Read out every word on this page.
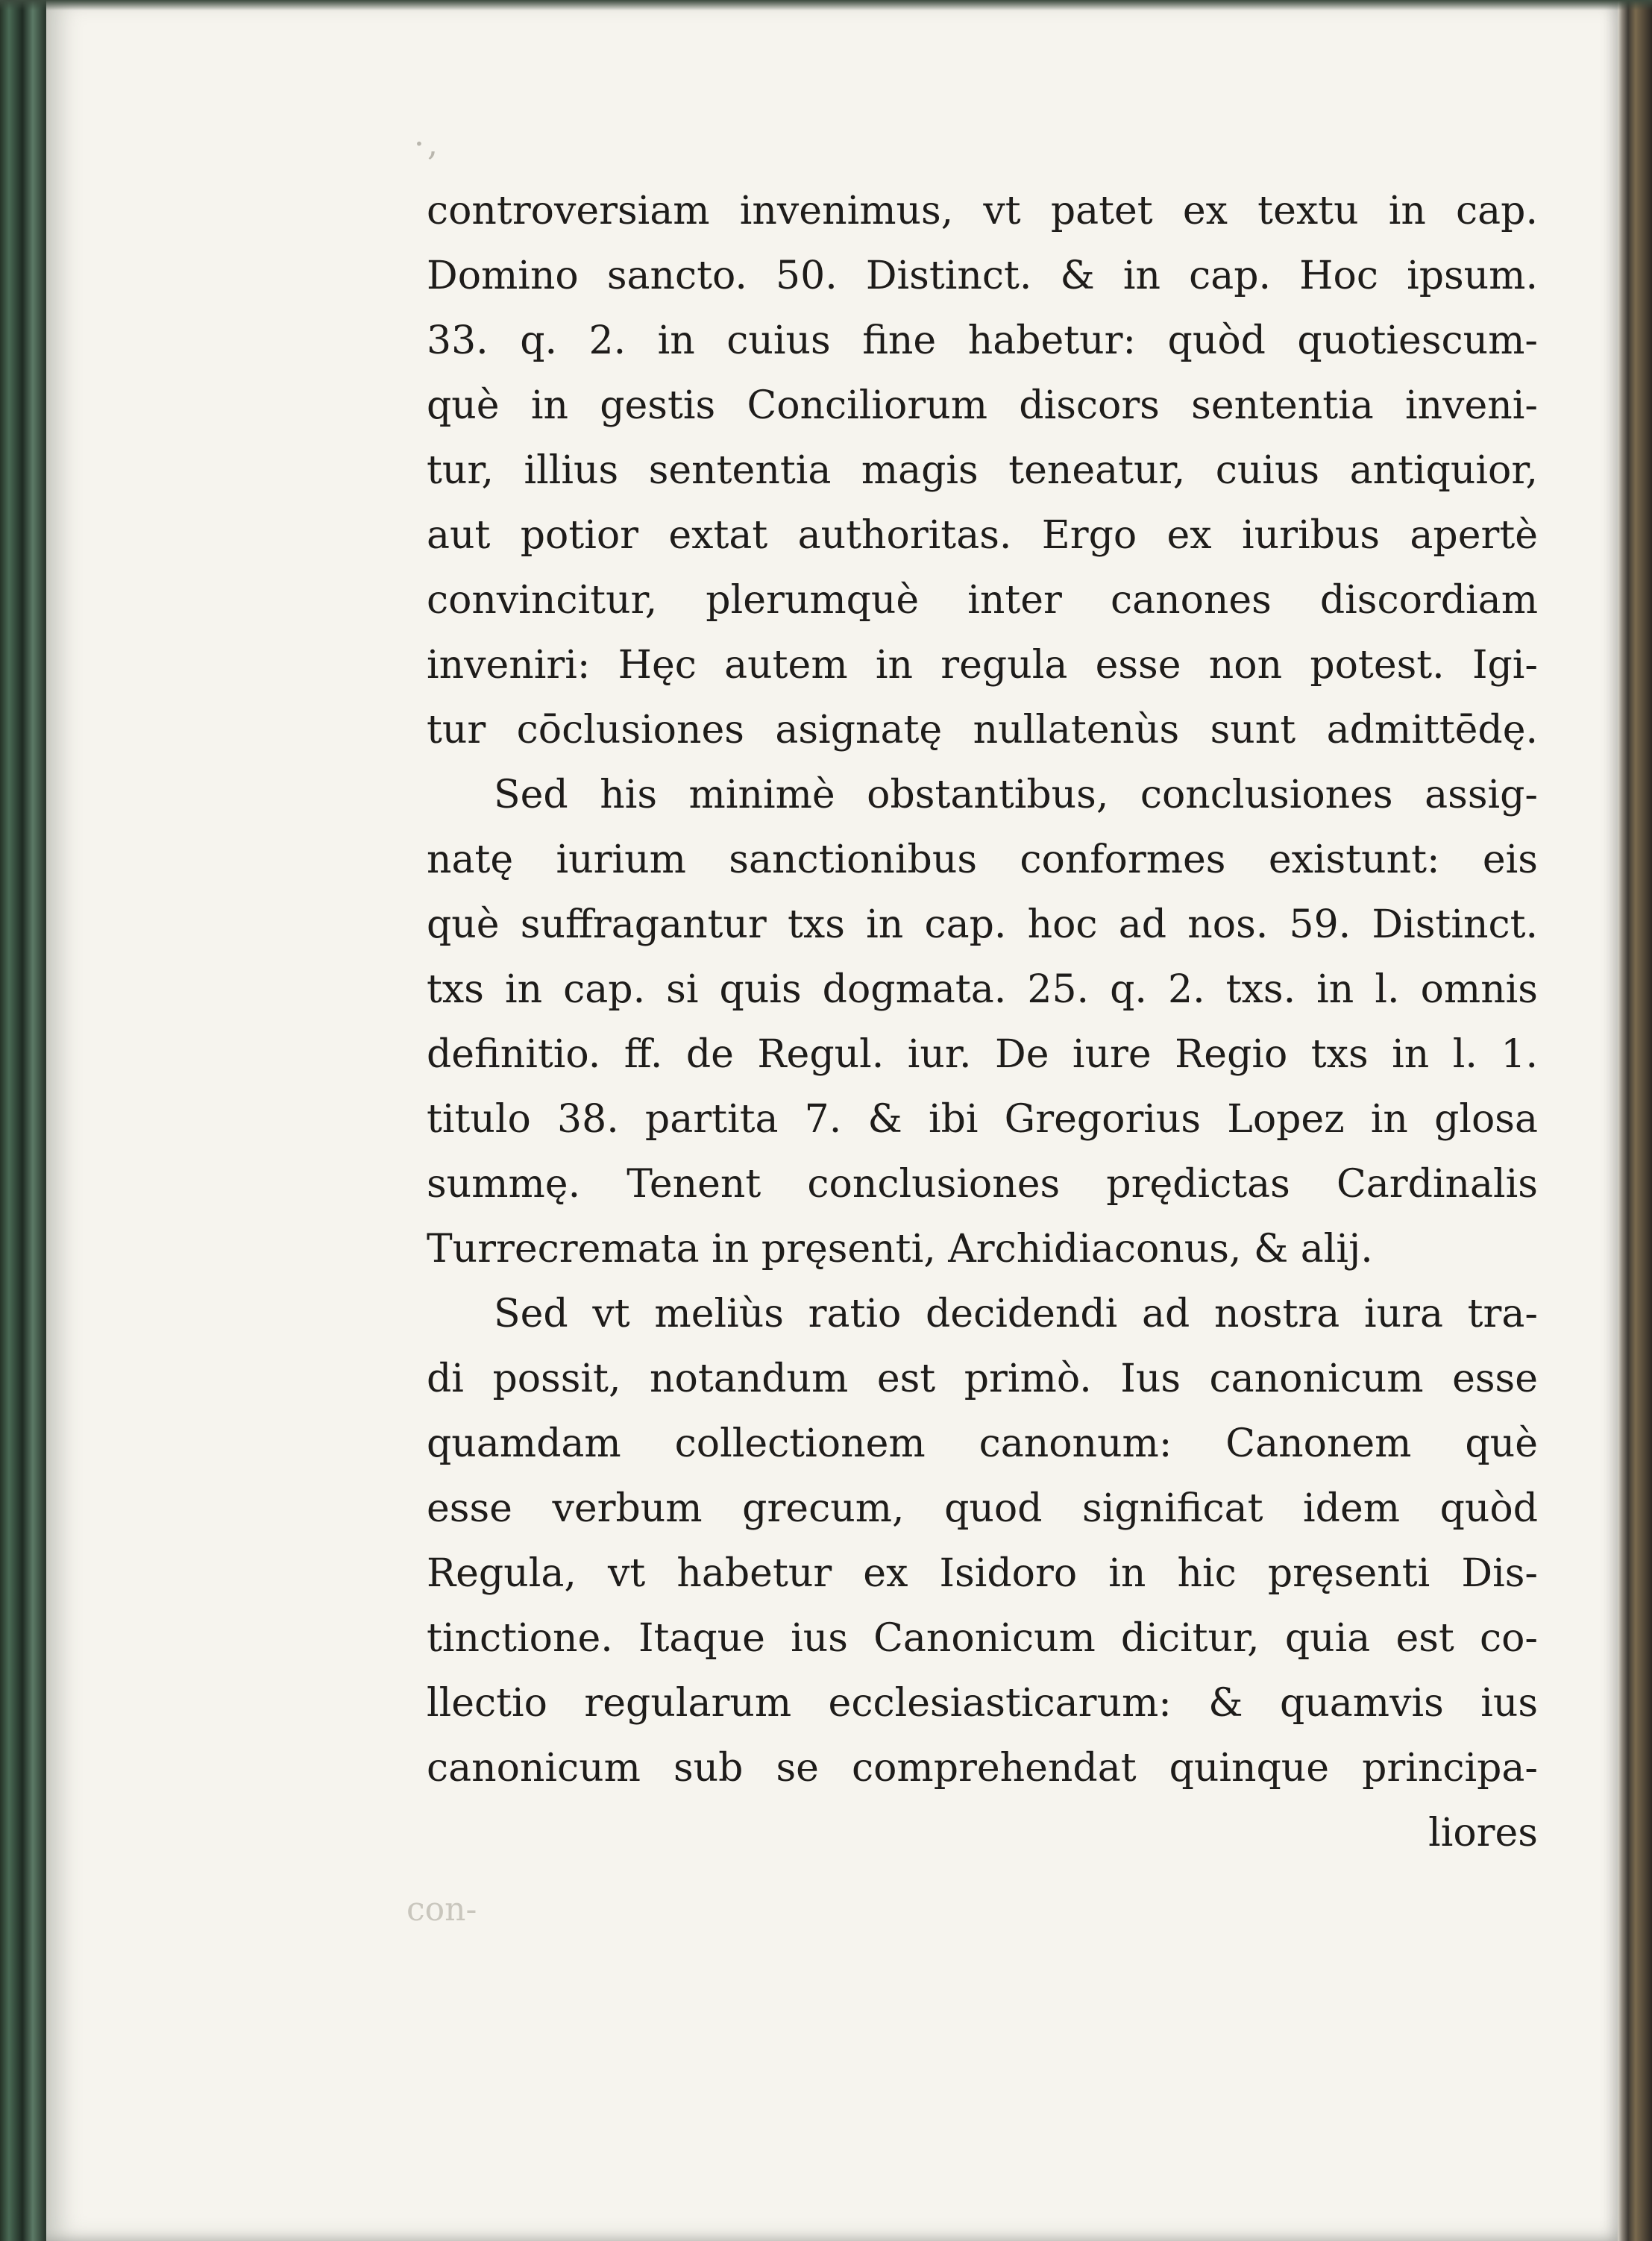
·,
controversiam invenimus, vt patet ex textu in cap.
Domino sancto. 50. Distinct. & in cap. Hoc ipsum.
33. q. 2. in cuius fine habetur: quòd quotiescum-
què in gestis Conciliorum discors sententia inveni-
tur, illius sententia magis teneatur, cuius antiquior,
aut potior extat authoritas. Ergo ex iuribus apertè
convincitur, plerumquè inter canones discordiam
inveniri: Hęc autem in regula esse non potest. Igi-
tur cōclusiones asignatę nullatenùs sunt admittēdę.
Sed his minimè obstantibus, conclusiones assig-
natę iurium sanctionibus conformes existunt: eis
què suffragantur txs in cap. hoc ad nos. 59. Distinct.
txs in cap. si quis dogmata. 25. q. 2. txs. in l. omnis
definitio. ff. de Regul. iur. De iure Regio txs in l. 1.
titulo 38. partita 7. & ibi Gregorius Lopez in glosa
summę. Tenent conclusiones prędictas Cardinalis
Turrecremata in pręsenti, Archidiaconus, & alij.
Sed vt meliùs ratio decidendi ad nostra iura tra-
di possit, notandum est primò. Ius canonicum esse
quamdam collectionem canonum: Canonem què
esse verbum grecum, quod significat idem quòd
Regula, vt habetur ex Isidoro in hic pręsenti Dis-
tinctione. Itaque ius Canonicum dicitur, quia est co-
llectio regularum ecclesiasticarum: & quamvis ius
canonicum sub se comprehendat quinque principa-
liores
con-
